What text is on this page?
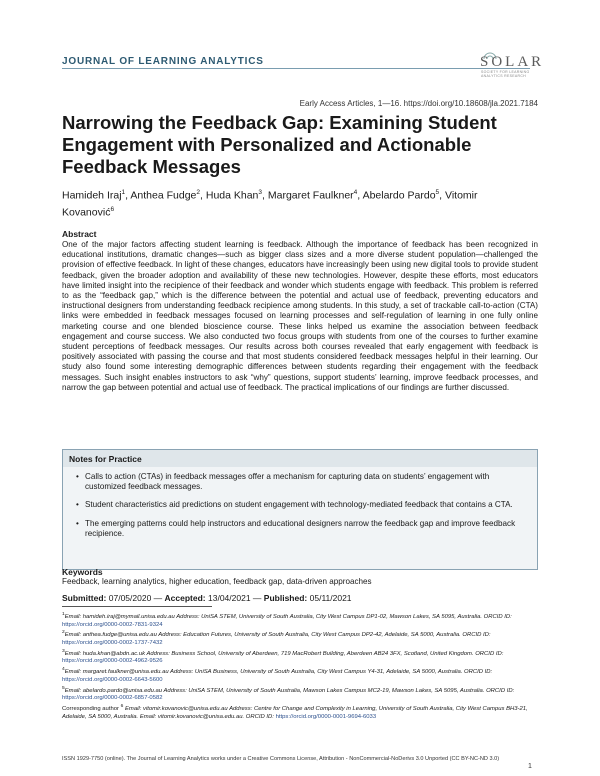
JOURNAL OF LEARNING ANALYTICS	SOLAR
SOCIETY FOR LEARNING ANALYTICS RESEARCH
Early Access Articles, 1—16. https://doi.org/10.18608/jla.2021.7184
Narrowing the Feedback Gap: Examining Student Engagement with Personalized and Actionable Feedback Messages
Hamideh Iraj$^1$, Anthea Fudge$^2$, Huda Khan$^3$, Margaret Faulkner$^4$, Abelardo Pardo$^5$, Vitomir Kovanović$^6$
Abstract
One of the major factors affecting student learning is feedback. Although the importance of feedback has been recognized in educational institutions, dramatic changes—such as bigger class sizes and a more diverse student population—challenged the provision of effective feedback. In light of these changes, educators have increasingly been using new digital tools to provide student feedback, given the broader adoption and availability of these new technologies. However, despite these efforts, most educators have limited insight into the recipience of their feedback and wonder which students engage with feedback. This problem is referred to as the “feedback gap,” which is the difference between the potential and actual use of feedback, preventing educators and instructional designers from understanding feedback recipience among students. In this study, a set of trackable call-to-action (CTA) links were embedded in feedback messages focused on learning processes and self-regulation of learning in one fully online marketing course and one blended bioscience course. These links helped us examine the association between feedback engagement and course success. We also conducted two focus groups with students from one of the courses to further examine student perceptions of feedback messages. Our results across both courses revealed that early engagement with feedback is positively associated with passing the course and that most students considered feedback messages helpful in their learning. Our study also found some interesting demographic differences between students regarding their engagement with the feedback messages. Such insight enables instructors to ask “why” questions, support students’ learning, improve feedback processes, and narrow the gap between potential and actual use of feedback. The practical implications of our findings are further discussed.
Notes for Practice
• Calls to action (CTAs) in feedback messages offer a mechanism for capturing data on students’ engagement with customized feedback messages.
• Student characteristics aid predictions on student engagement with technology-mediated feedback that contains a CTA.
• The emerging patterns could help instructors and educational designers narrow the feedback gap and improve feedback recipience.
Keywords
Feedback, learning analytics, higher education, feedback gap, data-driven approaches
Submitted: 07/05/2020 — Accepted: 13/04/2021 — Published: 05/11/2021
$^1$Email: hamideh.iraj@mymail.unisa.edu.au Address: UniSA STEM, University of South Australia, City West Campus DP1-02, Mawson Lakes, SA 5095, Australia. ORCID ID: https://orcid.org/0000-0002-7831-9324
$^2$Email: anthea.fudge@unisa.edu.au Address: Education Futures, University of South Australia, City West Campus DP2-42, Adelaide, SA 5000, Australia. ORCID ID: https://orcid.org/0000-0002-1737-7432
$^3$Email: huda.khan@abdn.ac.uk Address: Business School, University of Aberdeen, 719 MacRobert Building, Aberdeen AB24 3FX, Scotland, United Kingdom. ORCID ID: https://orcid.org/0000-0002-4962-9526
$^4$Email: margaret.faulkner@unisa.edu.au Address: UniSA Business, University of South Australia, City West Campus Y4-31, Adelaide, SA 5000, Australia. ORCID ID: https://orcid.org/0000-0002-6643-5600
$^5$Email: abelardo.pardo@unisa.edu.au Address: UniSA STEM, University of South Australia, Mawson Lakes Campus MC2-19, Mawson Lakes, SA 5095, Australia. ORCID ID: https://orcid.org/0000-0002-6857-0582
Corresponding author $^6$ Email: vitomir.kovanovic@unisa.edu.au Address: Centre for Change and Complexity in Learning, University of South Australia, City West Campus BH3-21, Adelaide, SA 5000, Australia. Email: vitomir.kovanovic@unisa.edu.au. ORCID ID: https://orcid.org/0000-0001-9694-6033
ISSN 1929-7750 (online). The Journal of Learning Analytics works under a Creative Commons License, Attribution - NonCommercial-NoDerivs 3.0 Unported (CC BY-NC-ND 3.0)
1
